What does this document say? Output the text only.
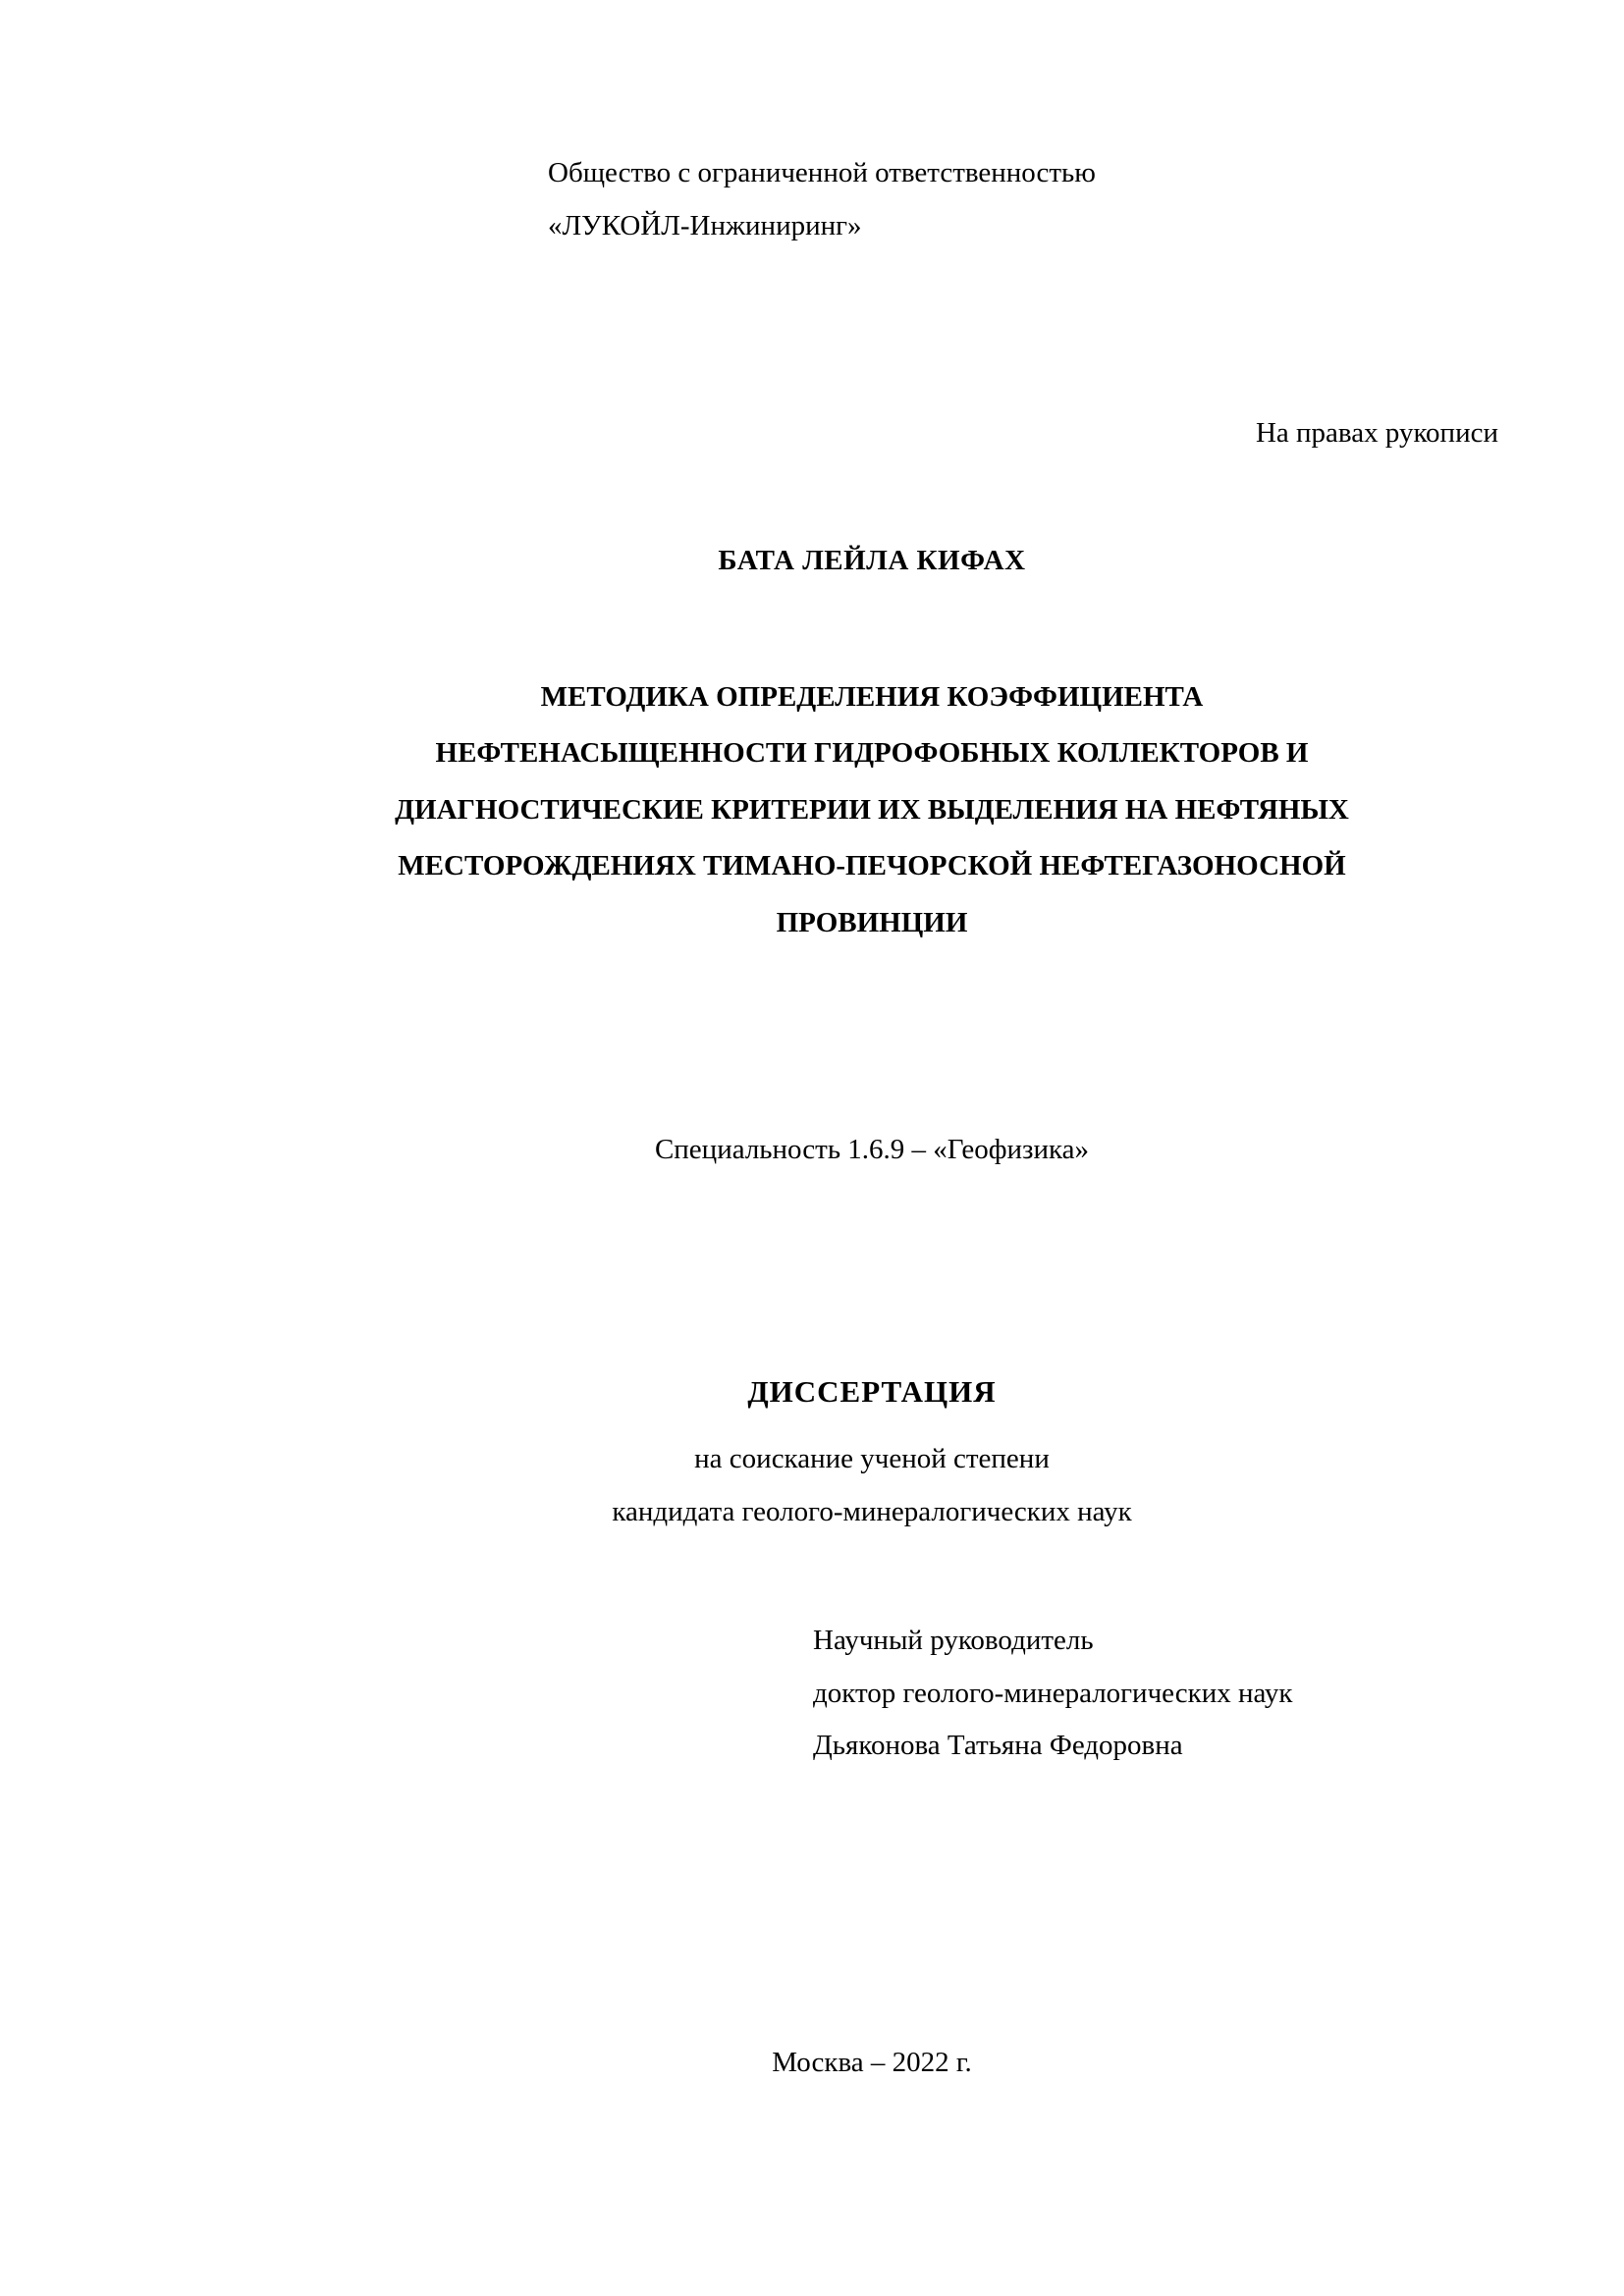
Общество с ограниченной ответственностью
«ЛУКОЙЛ-Инжиниринг»
На правах рукописи
БАТА ЛЕЙЛА КИФАХ
МЕТОДИКА ОПРЕДЕЛЕНИЯ КОЭФФИЦИЕНТА
НЕФТЕНАСЫЩЕННОСТИ ГИДРОФОБНЫХ КОЛЛЕКТОРОВ И
ДИАГНОСТИЧЕСКИЕ КРИТЕРИИ ИХ ВЫДЕЛЕНИЯ НА НЕФТЯНЫХ
МЕСТОРОЖДЕНИЯХ ТИМАНО-ПЕЧОРСКОЙ НЕФТЕГАЗОНОСНОЙ
ПРОВИНЦИИ
Специальность 1.6.9 – «Геофизика»
ДИССЕРТАЦИЯ
на соискание ученой степени
кандидата геолого-минералогических наук
Научный руководитель
доктор геолого-минералогических наук
Дьяконова Татьяна Федоровна
Москва – 2022 г.
